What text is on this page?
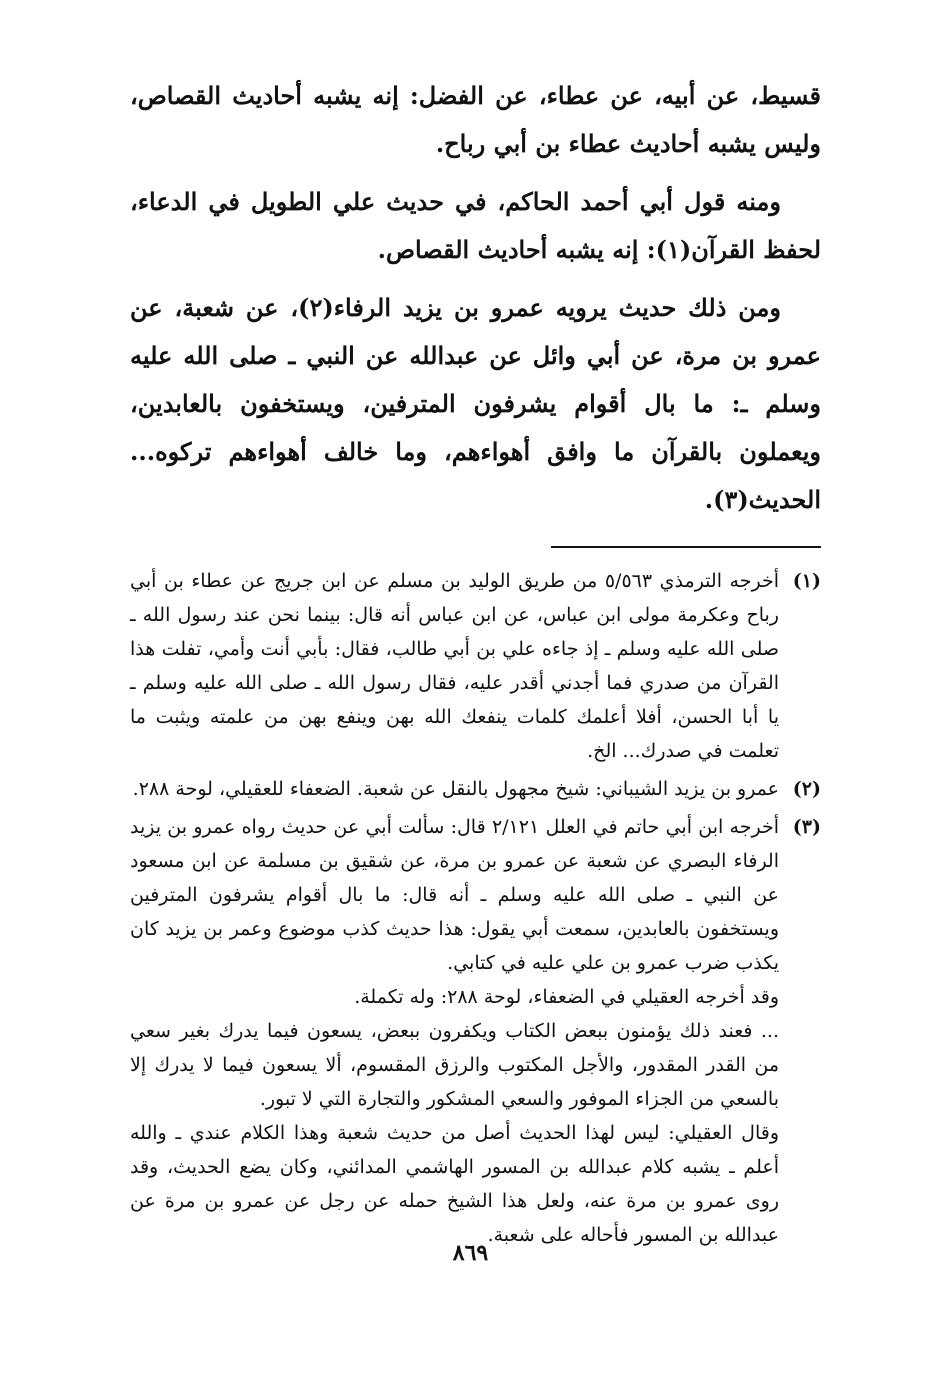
قسيط، عن أبيه، عن عطاء، عن الفضل: إنه يشبه أحاديث القصاص، وليس يشبه أحاديث عطاء بن أبي رباح.

ومنه قول أبي أحمد الحاكم، في حديث علي الطويل في الدعاء، لحفظ القرآن(١): إنه يشبه أحاديث القصاص.

ومن ذلك حديث يرويه عمرو بن يزيد الرفاء(٢)، عن شعبة، عن عمرو بن مرة، عن أبي وائل عن عبدالله عن النبي ـ صلى الله عليه وسلم ـ: ما بال أقوام يشرفون المترفين، ويستخفون بالعابدين، ويعملون بالقرآن ما وافق أهواءهم، وما خالف أهواءهم تركوه... الحديث(٣).

(١)

أخرجه الترمذي ٥/٥٦٣ من طريق الوليد بن مسلم عن ابن جريج عن عطاء بن أبي رباح وعكرمة مولى ابن عباس، عن ابن عباس أنه قال: بينما نحن عند رسول الله ـ صلى الله عليه وسلم ـ إذ جاءه علي بن أبي طالب، فقال: بأبي أنت وأمي، تفلت هذا القرآن من صدري فما أجدني أقدر عليه، فقال رسول الله ـ صلى الله عليه وسلم ـ يا أبا الحسن، أفلا أعلمك كلمات ينفعك الله بهن وينفع بهن من علمته ويثبت ما تعلمت في صدرك... الخ.

(٢)

عمرو بن يزيد الشيباني: شيخ مجهول بالنقل عن شعبة. الضعفاء للعقيلي، لوحة ٢٨٨.

(٣)

أخرجه ابن أبي حاتم في العلل ٢/١٢١ قال: سألت أبي عن حديث رواه عمرو بن يزيد الرفاء البصري عن شعبة عن عمرو بن مرة، عن شقيق بن مسلمة عن ابن مسعود عن النبي ـ صلى الله عليه وسلم ـ أنه قال: ما بال أقوام يشرفون المترفين ويستخفون بالعابدين، سمعت أبي يقول: هذا حديث كذب موضوع وعمر بن يزيد كان يكذب ضرب عمرو بن علي عليه في كتابي.

وقد أخرجه العقيلي في الضعفاء، لوحة ٢٨٨: وله تكملة.

... فعند ذلك يؤمنون ببعض الكتاب ويكفرون ببعض، يسعون فيما يدرك بغير سعي من القدر المقدور، والأجل المكتوب والرزق المقسوم، ألا يسعون فيما لا يدرك إلا بالسعي من الجزاء الموفور والسعي المشكور والتجارة التي لا تبور.

وقال العقيلي: ليس لهذا الحديث أصل من حديث شعبة وهذا الكلام عندي ـ والله أعلم ـ يشبه كلام عبدالله بن المسور الهاشمي المدائني، وكان يضع الحديث، وقد روى عمرو بن مرة عنه، ولعل هذا الشيخ حمله عن رجل عن عمرو بن مرة عن عبدالله بن المسور فأحاله على شعبة.

٨٦٩
